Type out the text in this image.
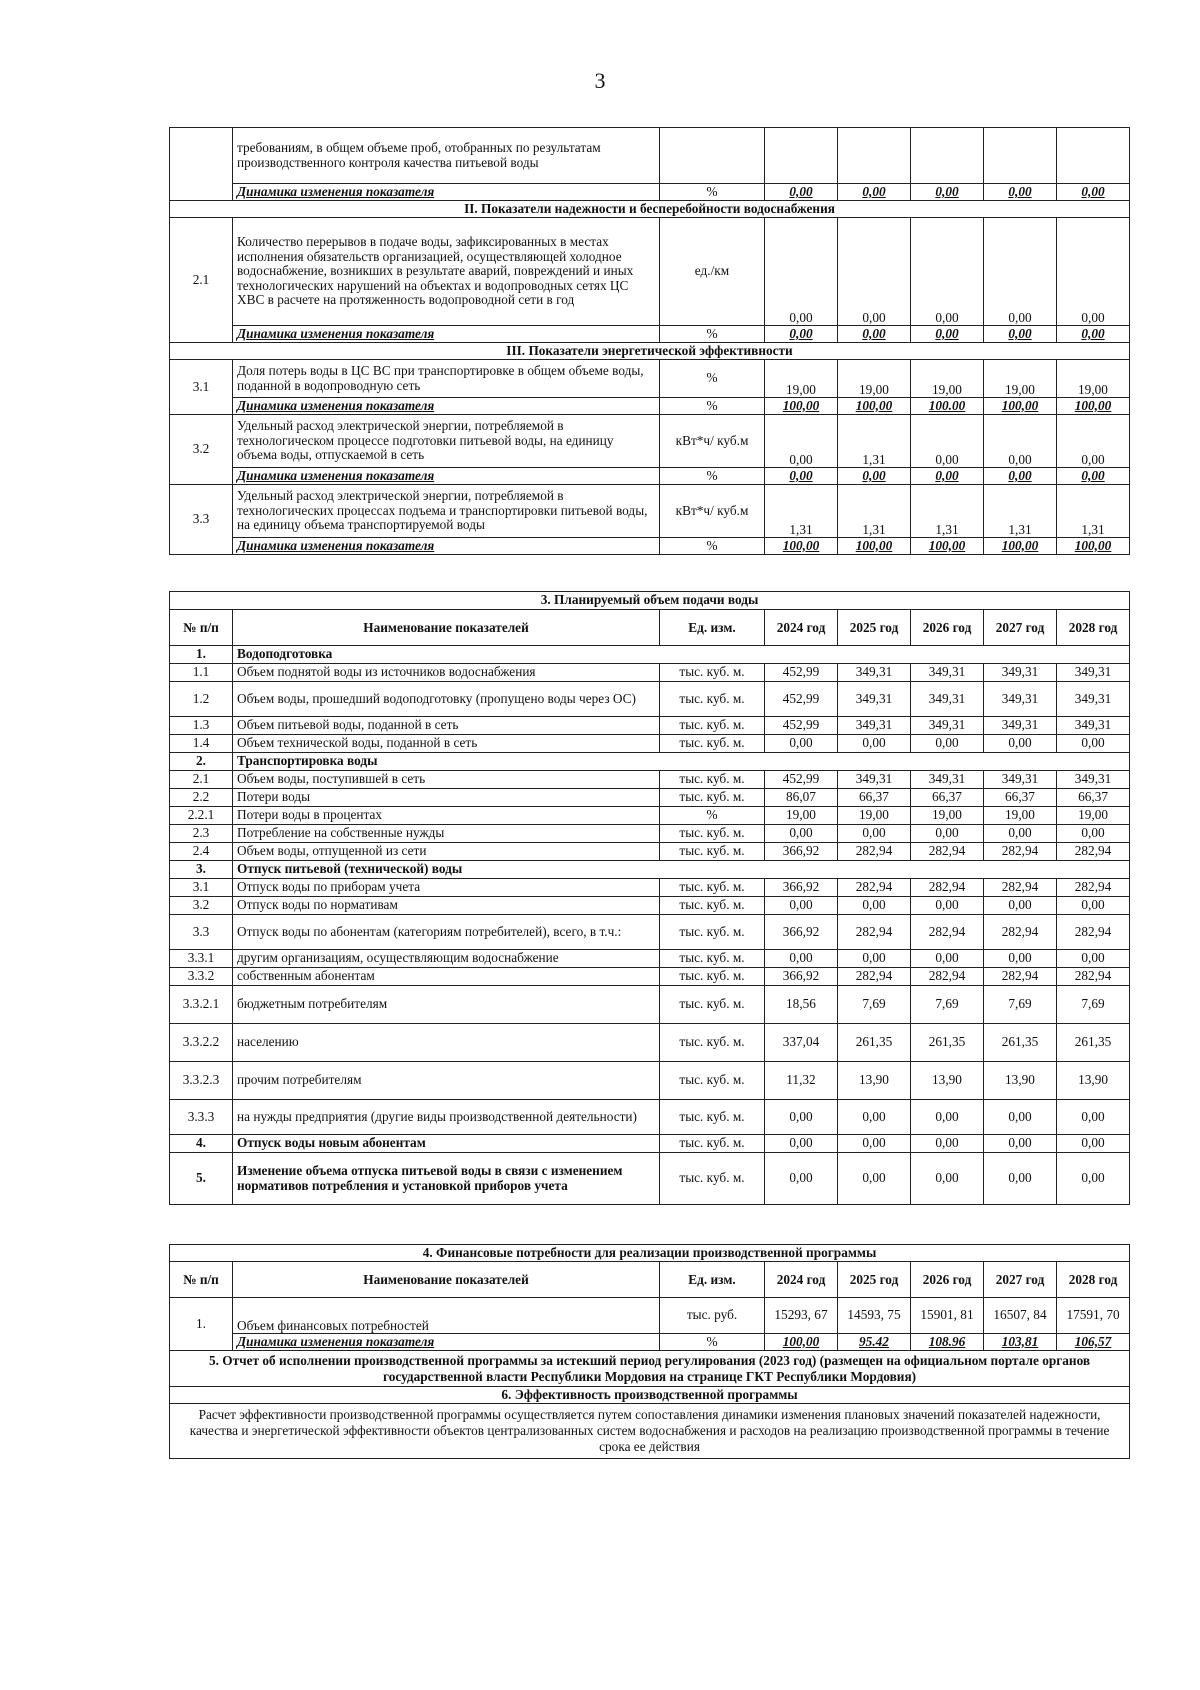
3
	требованиям, в общем объеме проб, отобранных по результатам производственного контроля качества питьевой воды						
	Динамика изменения показателя	%	0,00	0,00	0,00	0,00	0,00
II. Показатели надежности и бесперебойности водоснабжения							
2.1	Количество перерывов в подаче воды, зафиксированных в местах исполнения обязательств организацией, осуществляющей холодное водоснабжение, возникших в результате аварий, повреждений и иных технологических нарушений на объектах и водопроводных сетях ЦС ХВС в расчете на протяженность водопроводной сети в год	ед./км	0,00	0,00	0,00	0,00	0,00
	Динамика изменения показателя	%	0,00	0,00	0,00	0,00	0,00
III. Показатели энергетической эффективности							
3.1	Доля потерь воды в ЦС ВС при транспортировке в общем объеме воды, поданной в водопроводную сеть	%	19,00	19,00	19,00	19,00	19,00
	Динамика изменения показателя	%	100,00	100,00	100.00	100,00	100,00
3.2	Удельный расход электрической энергии, потребляемой в технологическом процессе подготовки питьевой воды, на единицу объема воды, отпускаемой в сеть	кВт*ч/ куб.м	0,00	1,31	0,00	0,00	0,00
	Динамика изменения показателя	%	0,00	0,00	0,00	0,00	0,00
3.3	Удельный расход электрической энергии, потребляемой в технологических процессах подъема и транспортировки питьевой воды, на единицу объема транспортируемой воды	кВт*ч/ куб.м	1,31	1,31	1,31	1,31	1,31
	Динамика изменения показателя	%	100,00	100,00	100,00	100,00	100,00
3. Планируемый объем подачи воды							
№ п/п	Наименование показателей	Ед. изм.	2024 год	2025 год	2026 год	2027 год	2028 год
1.	Водоподготовка						
1.1	Объем поднятой воды из источников водоснабжения	тыс. куб. м.	452,99	349,31	349,31	349,31	349,31
1.2	Объем воды, прошедший водоподготовку (пропущено воды через ОС)	тыс. куб. м.	452,99	349,31	349,31	349,31	349,31
1.3	Объем питьевой воды, поданной в сеть	тыс. куб. м.	452,99	349,31	349,31	349,31	349,31
1.4	Объем технической воды, поданной в сеть	тыс. куб. м.	0,00	0,00	0,00	0,00	0,00
2.	Транспортировка воды						
2.1	Объем воды, поступившей в сеть	тыс. куб. м.	452,99	349,31	349,31	349,31	349,31
2.2	Потери воды	тыс. куб. м.	86,07	66,37	66,37	66,37	66,37
2.2.1	Потери воды в процентах	%	19,00	19,00	19,00	19,00	19,00
2.3	Потребление на собственные нужды	тыс. куб. м.	0,00	0,00	0,00	0,00	0,00
2.4	Объем воды, отпущенной из сети	тыс. куб. м.	366,92	282,94	282,94	282,94	282,94
3.	Отпуск питьевой (технической) воды						
3.1	Отпуск воды по приборам учета	тыс. куб. м.	366,92	282,94	282,94	282,94	282,94
3.2	Отпуск воды по нормативам	тыс. куб. м.	0,00	0,00	0,00	0,00	0,00
3.3	Отпуск воды по абонентам (категориям потребителей), всего, в т.ч.:	тыс. куб. м.	366,92	282,94	282,94	282,94	282,94
3.3.1	другим организациям, осуществляющим водоснабжение	тыс. куб. м.	0,00	0,00	0,00	0,00	0,00
3.3.2	собственным абонентам	тыс. куб. м.	366,92	282,94	282,94	282,94	282,94
3.3.2.1	бюджетным потребителям	тыс. куб. м.	18,56	7,69	7,69	7,69	7,69
3.3.2.2	населению	тыс. куб. м.	337,04	261,35	261,35	261,35	261,35
3.3.2.3	прочим потребителям	тыс. куб. м.	11,32	13,90	13,90	13,90	13,90
3.3.3	на нужды предприятия (другие виды производственной деятельности)	тыс. куб. м.	0,00	0,00	0,00	0,00	0,00
4.	Отпуск воды новым абонентам	тыс. куб. м.	0,00	0,00	0,00	0,00	0,00
5.	Изменение объема отпуска питьевой воды в связи с изменением нормативов потребления и установкой приборов учета	тыс. куб. м.	0,00	0,00	0,00	0,00	0,00
4. Финансовые потребности для реализации производственной программы							
№ п/п	Наименование показателей	Ед. изм.	2024 год	2025 год	2026 год	2027 год	2028 год
1.	Объем финансовых потребностей	тыс. руб.	15293, 67	14593, 75	15901, 81	16507, 84	17591, 70
	Динамика изменения показателя	%	100,00	95.42	108.96	103,81	106,57
5. Отчет об исполнении производственной программы за истекший период регулирования (2023 год) (размещен на официальном портале органов государственной власти Республики Мордовия на странице ГКТ Республики Мордовия)							
6. Эффективность производственной программы							
Расчет эффективности производственной программы осуществляется путем сопоставления динамики изменения плановых значений показателей надежности, качества и энергетической эффективности объектов централизованных систем водоснабжения и расходов на реализацию производственной программы в течение срока ее действия							
